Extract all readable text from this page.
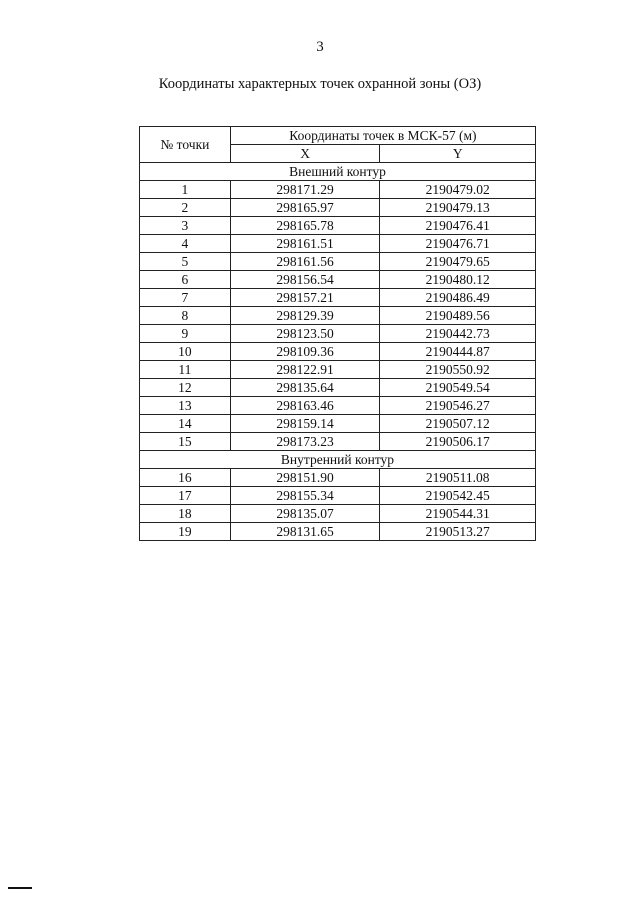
3
Координаты характерных точек охранной зоны (ОЗ)
№ точки	Координаты точек в МСК-57 (м)	
	X	Y
Внешний контур		
1	298171.29	2190479.02
2	298165.97	2190479.13
3	298165.78	2190476.41
4	298161.51	2190476.71
5	298161.56	2190479.65
6	298156.54	2190480.12
7	298157.21	2190486.49
8	298129.39	2190489.56
9	298123.50	2190442.73
10	298109.36	2190444.87
11	298122.91	2190550.92
12	298135.64	2190549.54
13	298163.46	2190546.27
14	298159.14	2190507.12
15	298173.23	2190506.17
Внутренний контур		
16	298151.90	2190511.08
17	298155.34	2190542.45
18	298135.07	2190544.31
19	298131.65	2190513.27
